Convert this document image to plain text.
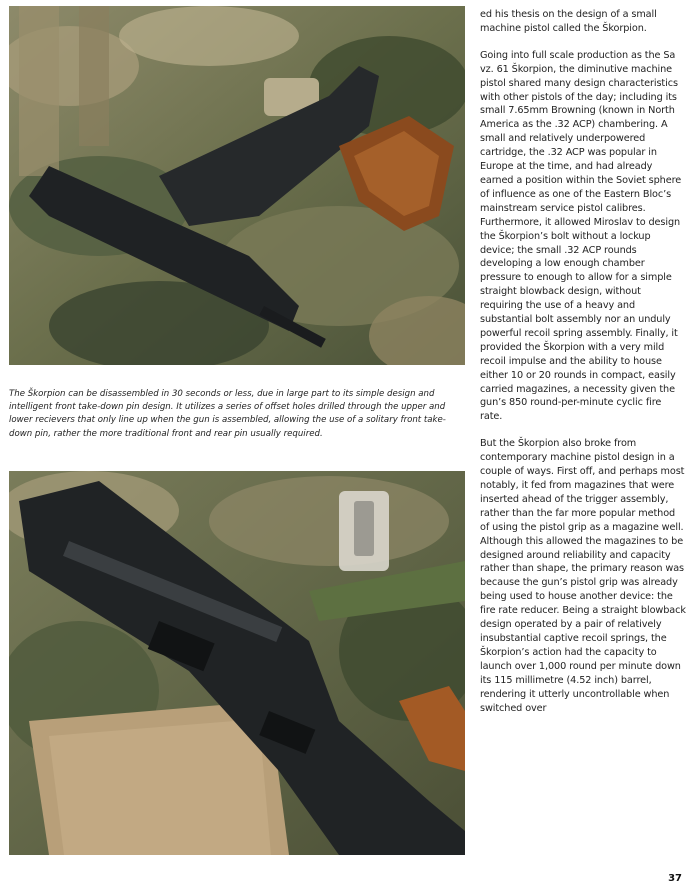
The Škorpion can be disassembled in 30 seconds or less, due in large part to its simple design and intelligent front take-down pin design. It utilizes a series of offset holes drilled through the upper and lower recievers that only line up when the gun is assembled, allowing the use of a solitary front take-down pin, rather the more traditional front and rear pin usually required.

ed his thesis on the design of a small machine pistol called the Škorpion.

Going into full scale production as the Sa vz. 61 Škorpion, the diminutive machine pistol shared many design characteristics with other pistols of the day; including its small 7.65mm Browning (known in North America as the .32 ACP) chambering. A small and relatively underpowered cartridge, the .32 ACP was popular in Europe at the time, and had already earned a position within the Soviet sphere of influence as one of the Eastern Bloc’s mainstream service pistol calibres. Furthermore, it allowed Miroslav to design the Škorpion’s bolt without a lockup device; the small .32 ACP rounds developing a low enough chamber pressure to enough to allow for a simple straight blowback design, without requiring the use of a heavy and substantial bolt assembly nor an unduly powerful recoil spring assembly. Finally, it provided the Škorpion with a very mild recoil impulse and the ability to house either 10 or 20 rounds in compact, easily carried magazines, a necessity given the gun’s 850 round-per-minute cyclic fire rate.

But the Škorpion also broke from contemporary machine pistol design in a couple of ways. First off, and perhaps most notably, it fed from magazines that were inserted ahead of the trigger assembly, rather than the far more popular method of using the pistol grip as a magazine well. Although this allowed the magazines to be designed around reliability and capacity rather than shape, the primary reason was because the gun’s pistol grip was already being used to house another device: the fire rate reducer. Being a straight blowback design operated by a pair of relatively insubstantial captive recoil springs, the Škorpion’s action had the capacity to launch over 1,000 round per minute down its 115 millimetre (4.52 inch) barrel, rendering it utterly uncontrollable when switched over

37
